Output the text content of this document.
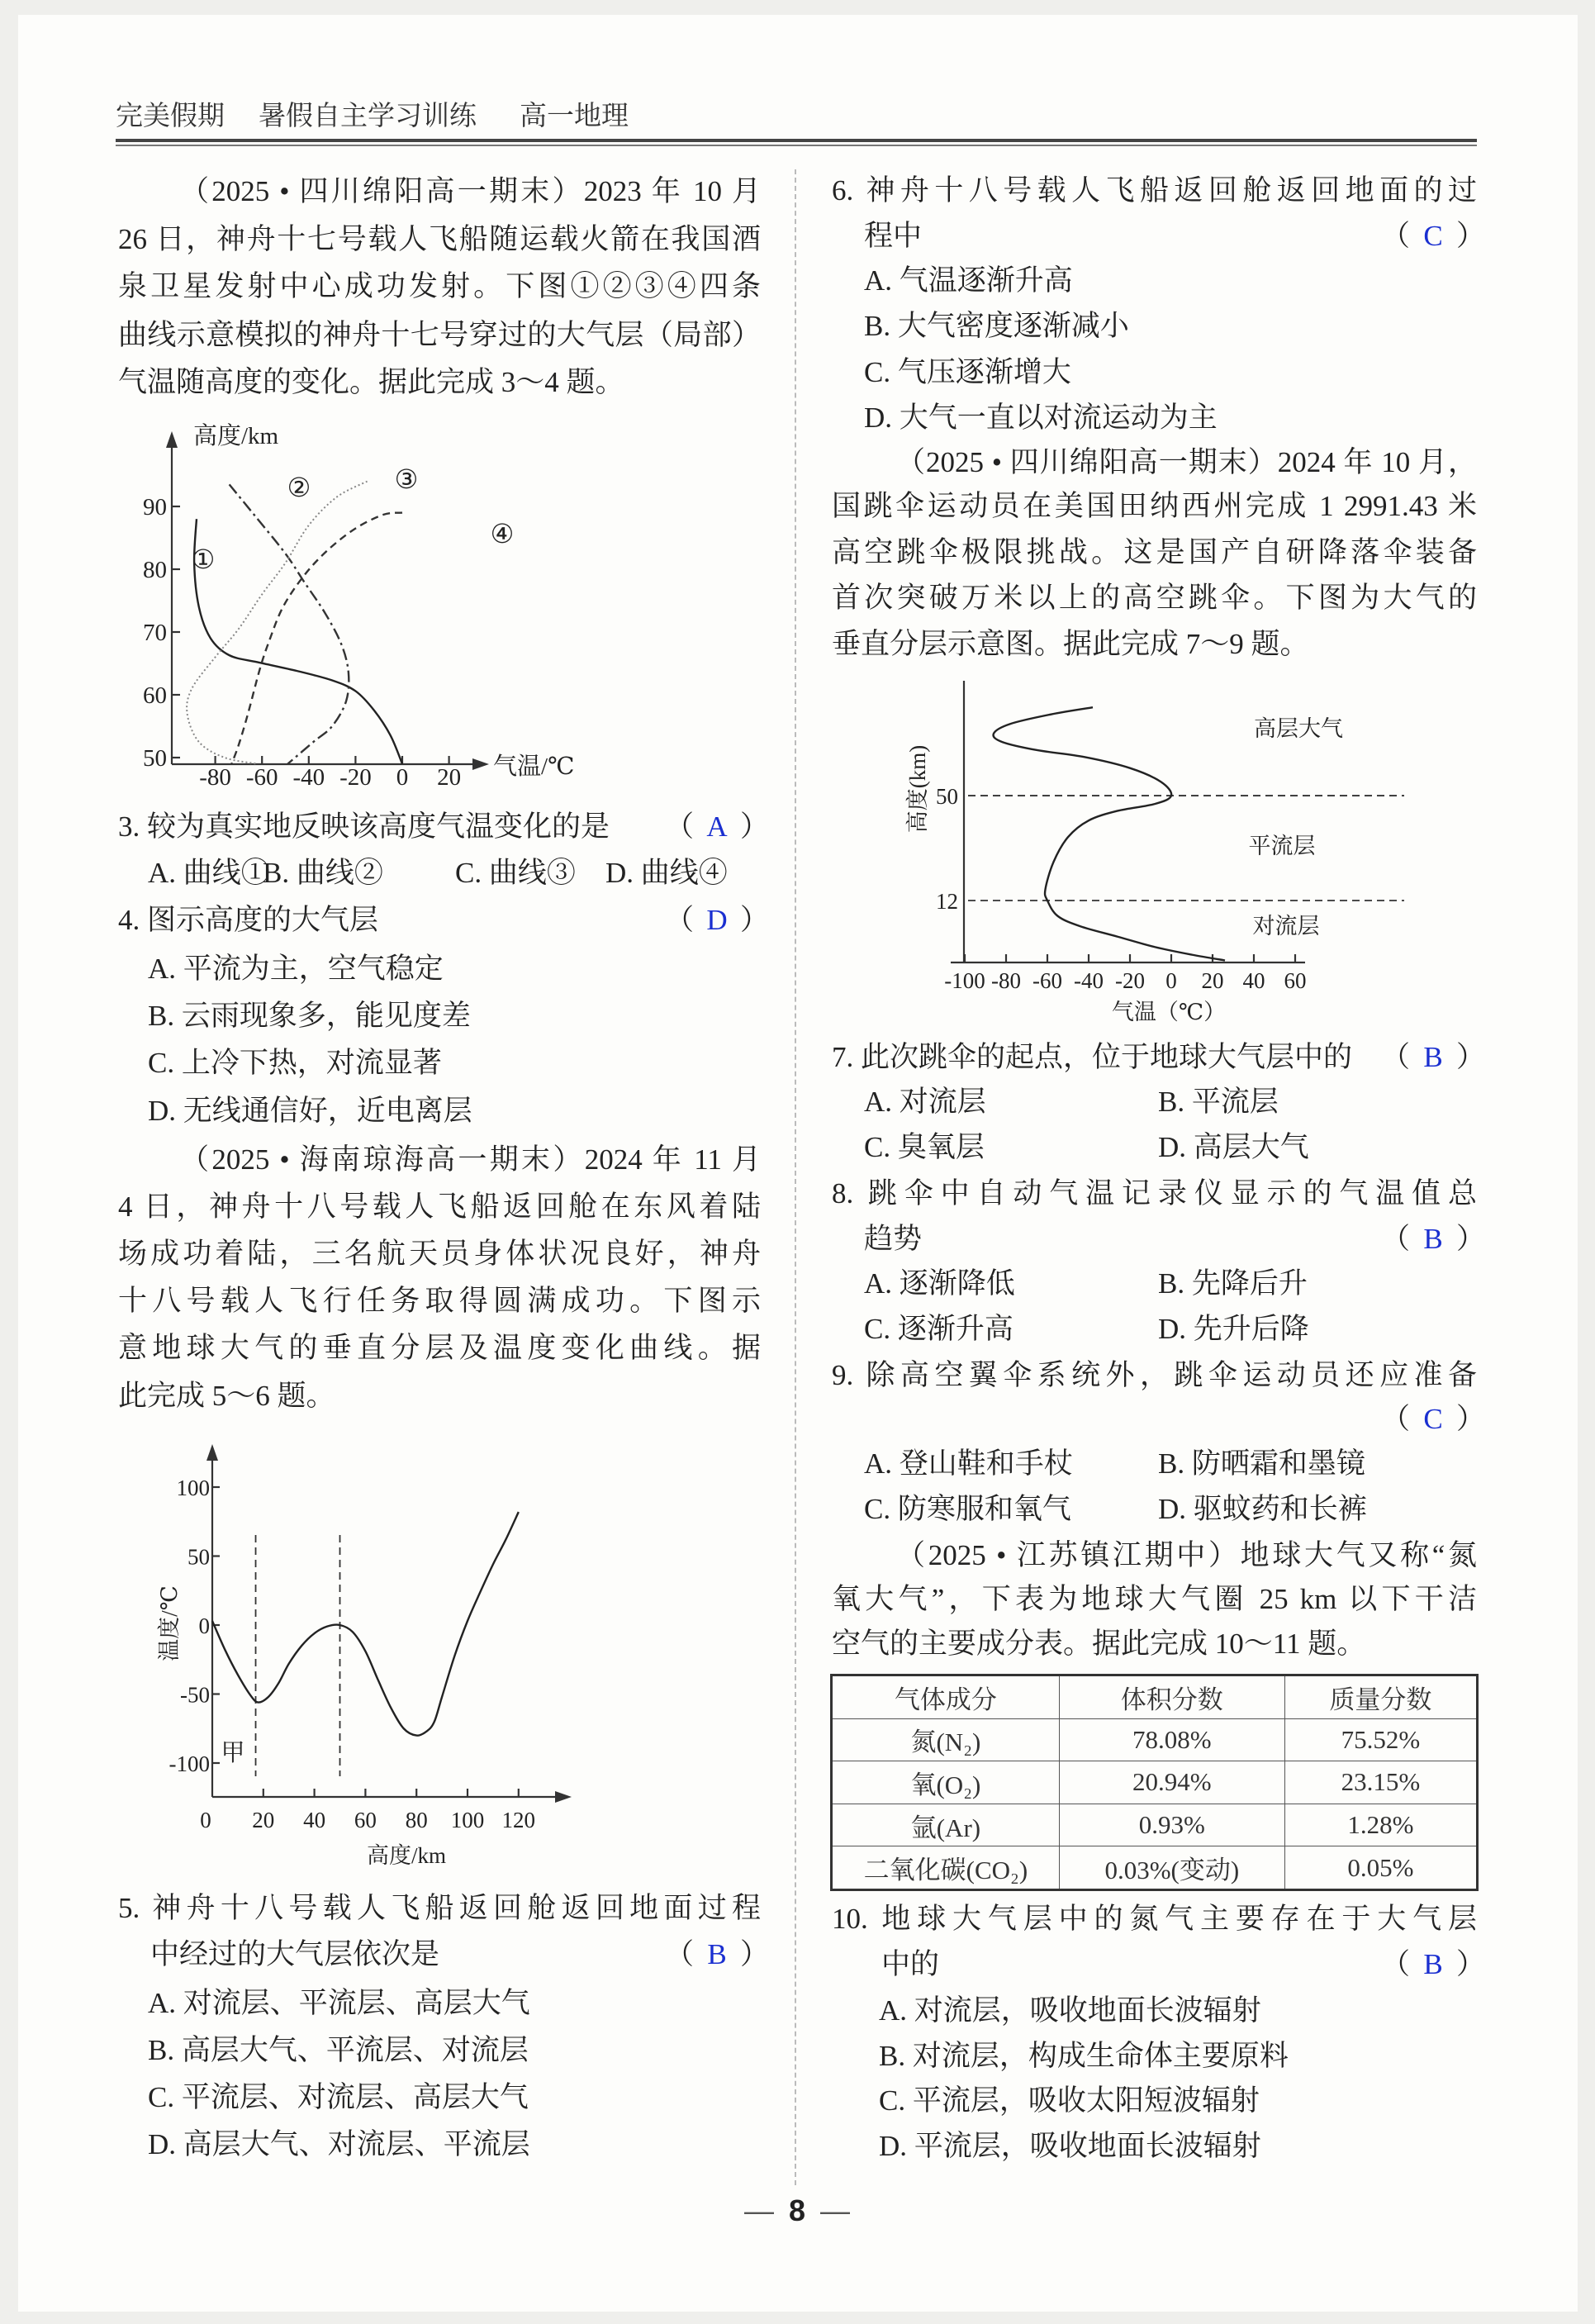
完美假期 暑假自主学习训练 高一地理
（2025 • 四川绵阳高一期末）2023 年 10 月
26 日，神舟十七号载人飞船随运载火箭在我国酒
泉卫星发射中心成功发射。下图①②③④四条
曲线示意模拟的神舟十七号穿过的大气层（局部）
气温随高度的变化。据此完成 3～4 题。
3. 较为真实地反映该高度气温变化的是 （ A ）
A. 曲线①
B. 曲线② C. 曲线③ D. 曲线④
4. 图示高度的大气层	（ D ）
A. 平流为主，空气稳定
B. 云雨现象多，能见度差
C. 上冷下热，对流显著
D. 无线通信好，近电离层
（2025 • 海南琼海高一期末）2024 年 11 月
4 日，神舟十八号载人飞船返回舱在东风着陆
场成功着陆，三名航天员身体状况良好，神舟
十八号载人飞行任务取得圆满成功。下图示
意地球大气的垂直分层及温度变化曲线。据
此完成 5～6 题。
5. 神舟十八号载人飞船返回舱返回地面过程
中经过的大气层依次是	（ B ）
A. 对流层、平流层、高层大气
B. 高层大气、平流层、对流层
C. 平流层、对流层、高层大气
D. 高层大气、对流层、平流层
6. 神舟十八号载人飞船返回舱返回地面的过
程中	（ C ）
A. 气温逐渐升高
B. 大气密度逐渐减小
C. 气压逐渐增大
D. 大气一直以对流运动为主
（2025 • 四川绵阳高一期末）2024 年 10 月，
国跳伞运动员在美国田纳西州完成 1 2991.43 米
高空跳伞极限挑战。这是国产自研降落伞装备
首次突破万米以上的高空跳伞。下图为大气的
垂直分层示意图。据此完成 7～9 题。
7. 此次跳伞的起点，位于地球大气层中的 （ B ）
A. 对流层	B. 平流层
C. 臭氧层	D. 高层大气
8. 跳伞中自动气温记录仪显示的气温值总
趋势	（ B ）
A. 逐渐降低	B. 先降后升
C. 逐渐升高	D. 先升后降
9. 除高空翼伞系统外，跳伞运动员还应准备
（ C ）
A. 登山鞋和手杖	B. 防晒霜和墨镜
C. 防寒服和氧气	D. 驱蚊药和长裤
（2025 • 江苏镇江期中）地球大气又称“氮
氧大气”，下表为地球大气圈 25 km 以下干洁
空气的主要成分表。据此完成 10～11 题。
气体成分	体积分数	质量分数
氮(N₂)	78.08%	75.52%
氧(O₂)	20.94%	23.15%
氩(Ar)	0.93%	1.28%
二氧化碳(CO₂)	0.03%(变动)	0.05%
10. 地球大气层中的氮气主要存在于大气层
中的	（ B ）
A. 对流层，吸收地面长波辐射
B. 对流层，构成生命体主要原料
C. 平流层，吸收太阳短波辐射
D. 平流层，吸收地面长波辐射
— 8 —
-80 -60 -40 -20 0 20
50
60
70
80
90
高度/km
气温/℃
①
②	③
④
-100 -80 -60 -40 -20 0 20 40 60
12
50
高度(km)
气温（℃）
高层大气
平流层
对流层
0 20 40 60 80 100 120
100
50
0
-50
-100
温度/℃
高度/km
甲
